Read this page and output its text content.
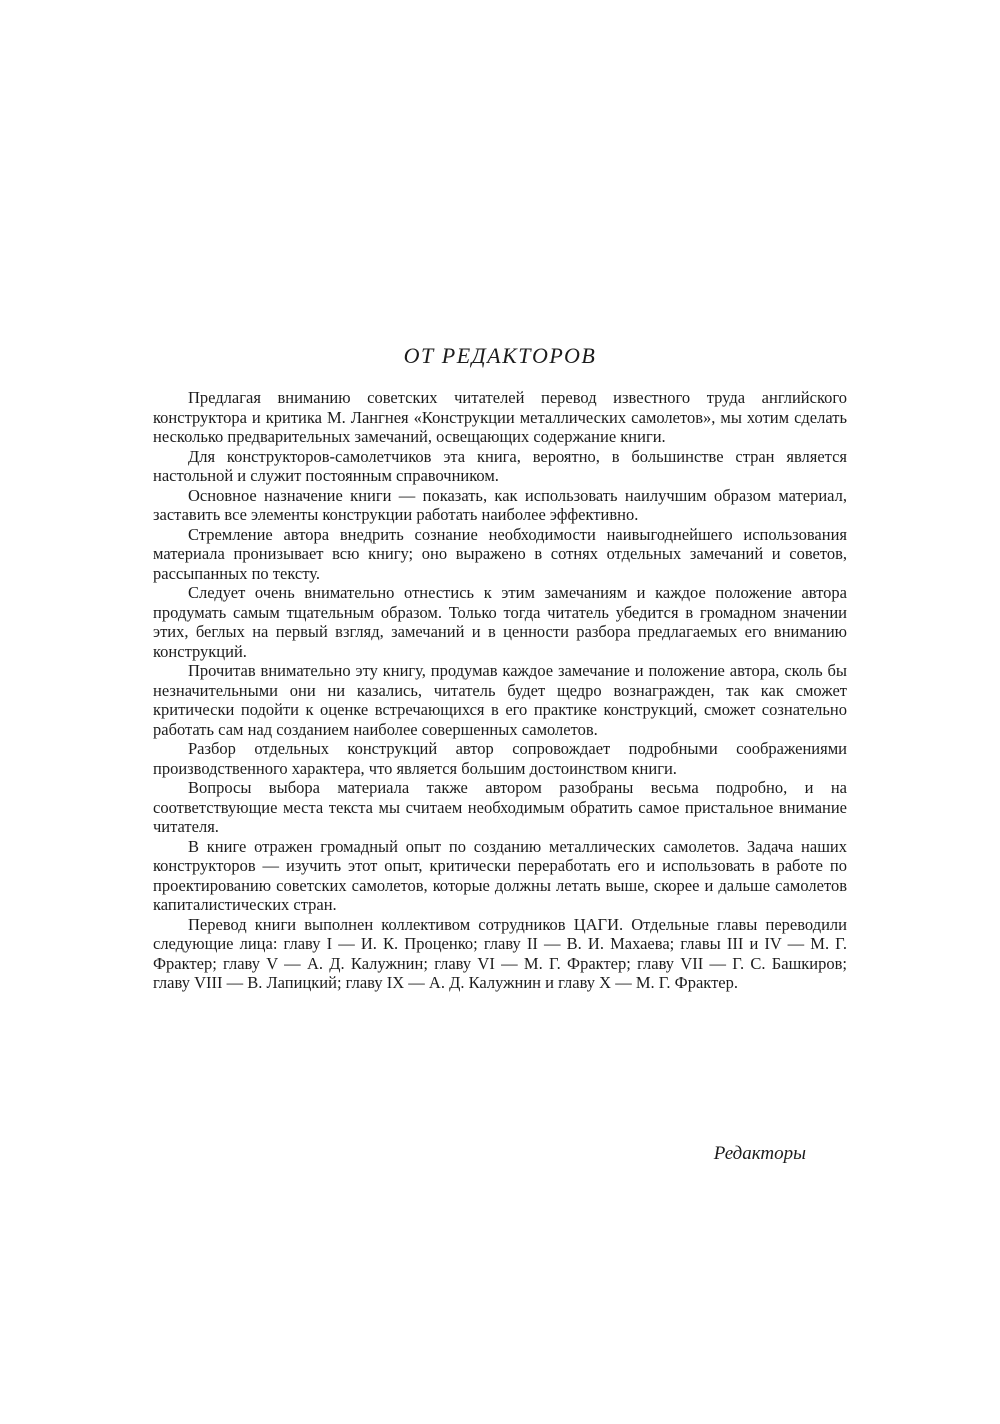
ОТ РЕДАКТОРОВ

Предлагая вниманию советских читателей перевод известного труда английского конструктора и критика М. Лангнея «Конструкции металлических самолетов», мы хотим сделать несколько предварительных замечаний, освещающих содержание книги.

Для конструкторов-самолетчиков эта книга, вероятно, в большинстве стран является настольной и служит постоянным справочником.

Основное назначение книги — показать, как использовать наилучшим образом материал, заставить все элементы конструкции работать наиболее эффективно.

Стремление автора внедрить сознание необходимости наивыгоднейшего использования материала пронизывает всю книгу; оно выражено в сотнях отдельных замечаний и советов, рассыпанных по тексту.

Следует очень внимательно отнестись к этим замечаниям и каждое положение автора продумать самым тщательным образом. Только тогда читатель убедится в громадном значении этих, беглых на первый взгляд, замечаний и в ценности разбора предлагаемых его вниманию конструкций.

Прочитав внимательно эту книгу, продумав каждое замечание и положение автора, сколь бы незначительными они ни казались, читатель будет щедро вознагражден, так как сможет критически подойти к оценке встречающихся в его практике конструкций, сможет сознательно работать сам над созданием наиболее совершенных самолетов.

Разбор отдельных конструкций автор сопровождает подробными соображениями производственного характера, что является большим достоинством книги.

Вопросы выбора материала также автором разобраны весьма подробно, и на соответствующие места текста мы считаем необходимым обратить самое пристальное внимание читателя.

В книге отражен громадный опыт по созданию металлических самолетов. Задача наших конструкторов — изучить этот опыт, критически переработать его и использовать в работе по проектированию советских самолетов, которые должны летать выше, скорее и дальше самолетов капиталистических стран.

Перевод книги выполнен коллективом сотрудников ЦАГИ. Отдельные главы переводили следующие лица: главу I — И. К. Проценко; главу II — В. И. Махаева; главы III и IV — М. Г. Фрактер; главу V — А. Д. Калужнин; главу VI — М. Г. Фрактер; главу VII — Г. С. Башкиров; главу VIII — В. Лапицкий; главу IX — А. Д. Калужнин и главу X — М. Г. Фрактер.

Редакторы
